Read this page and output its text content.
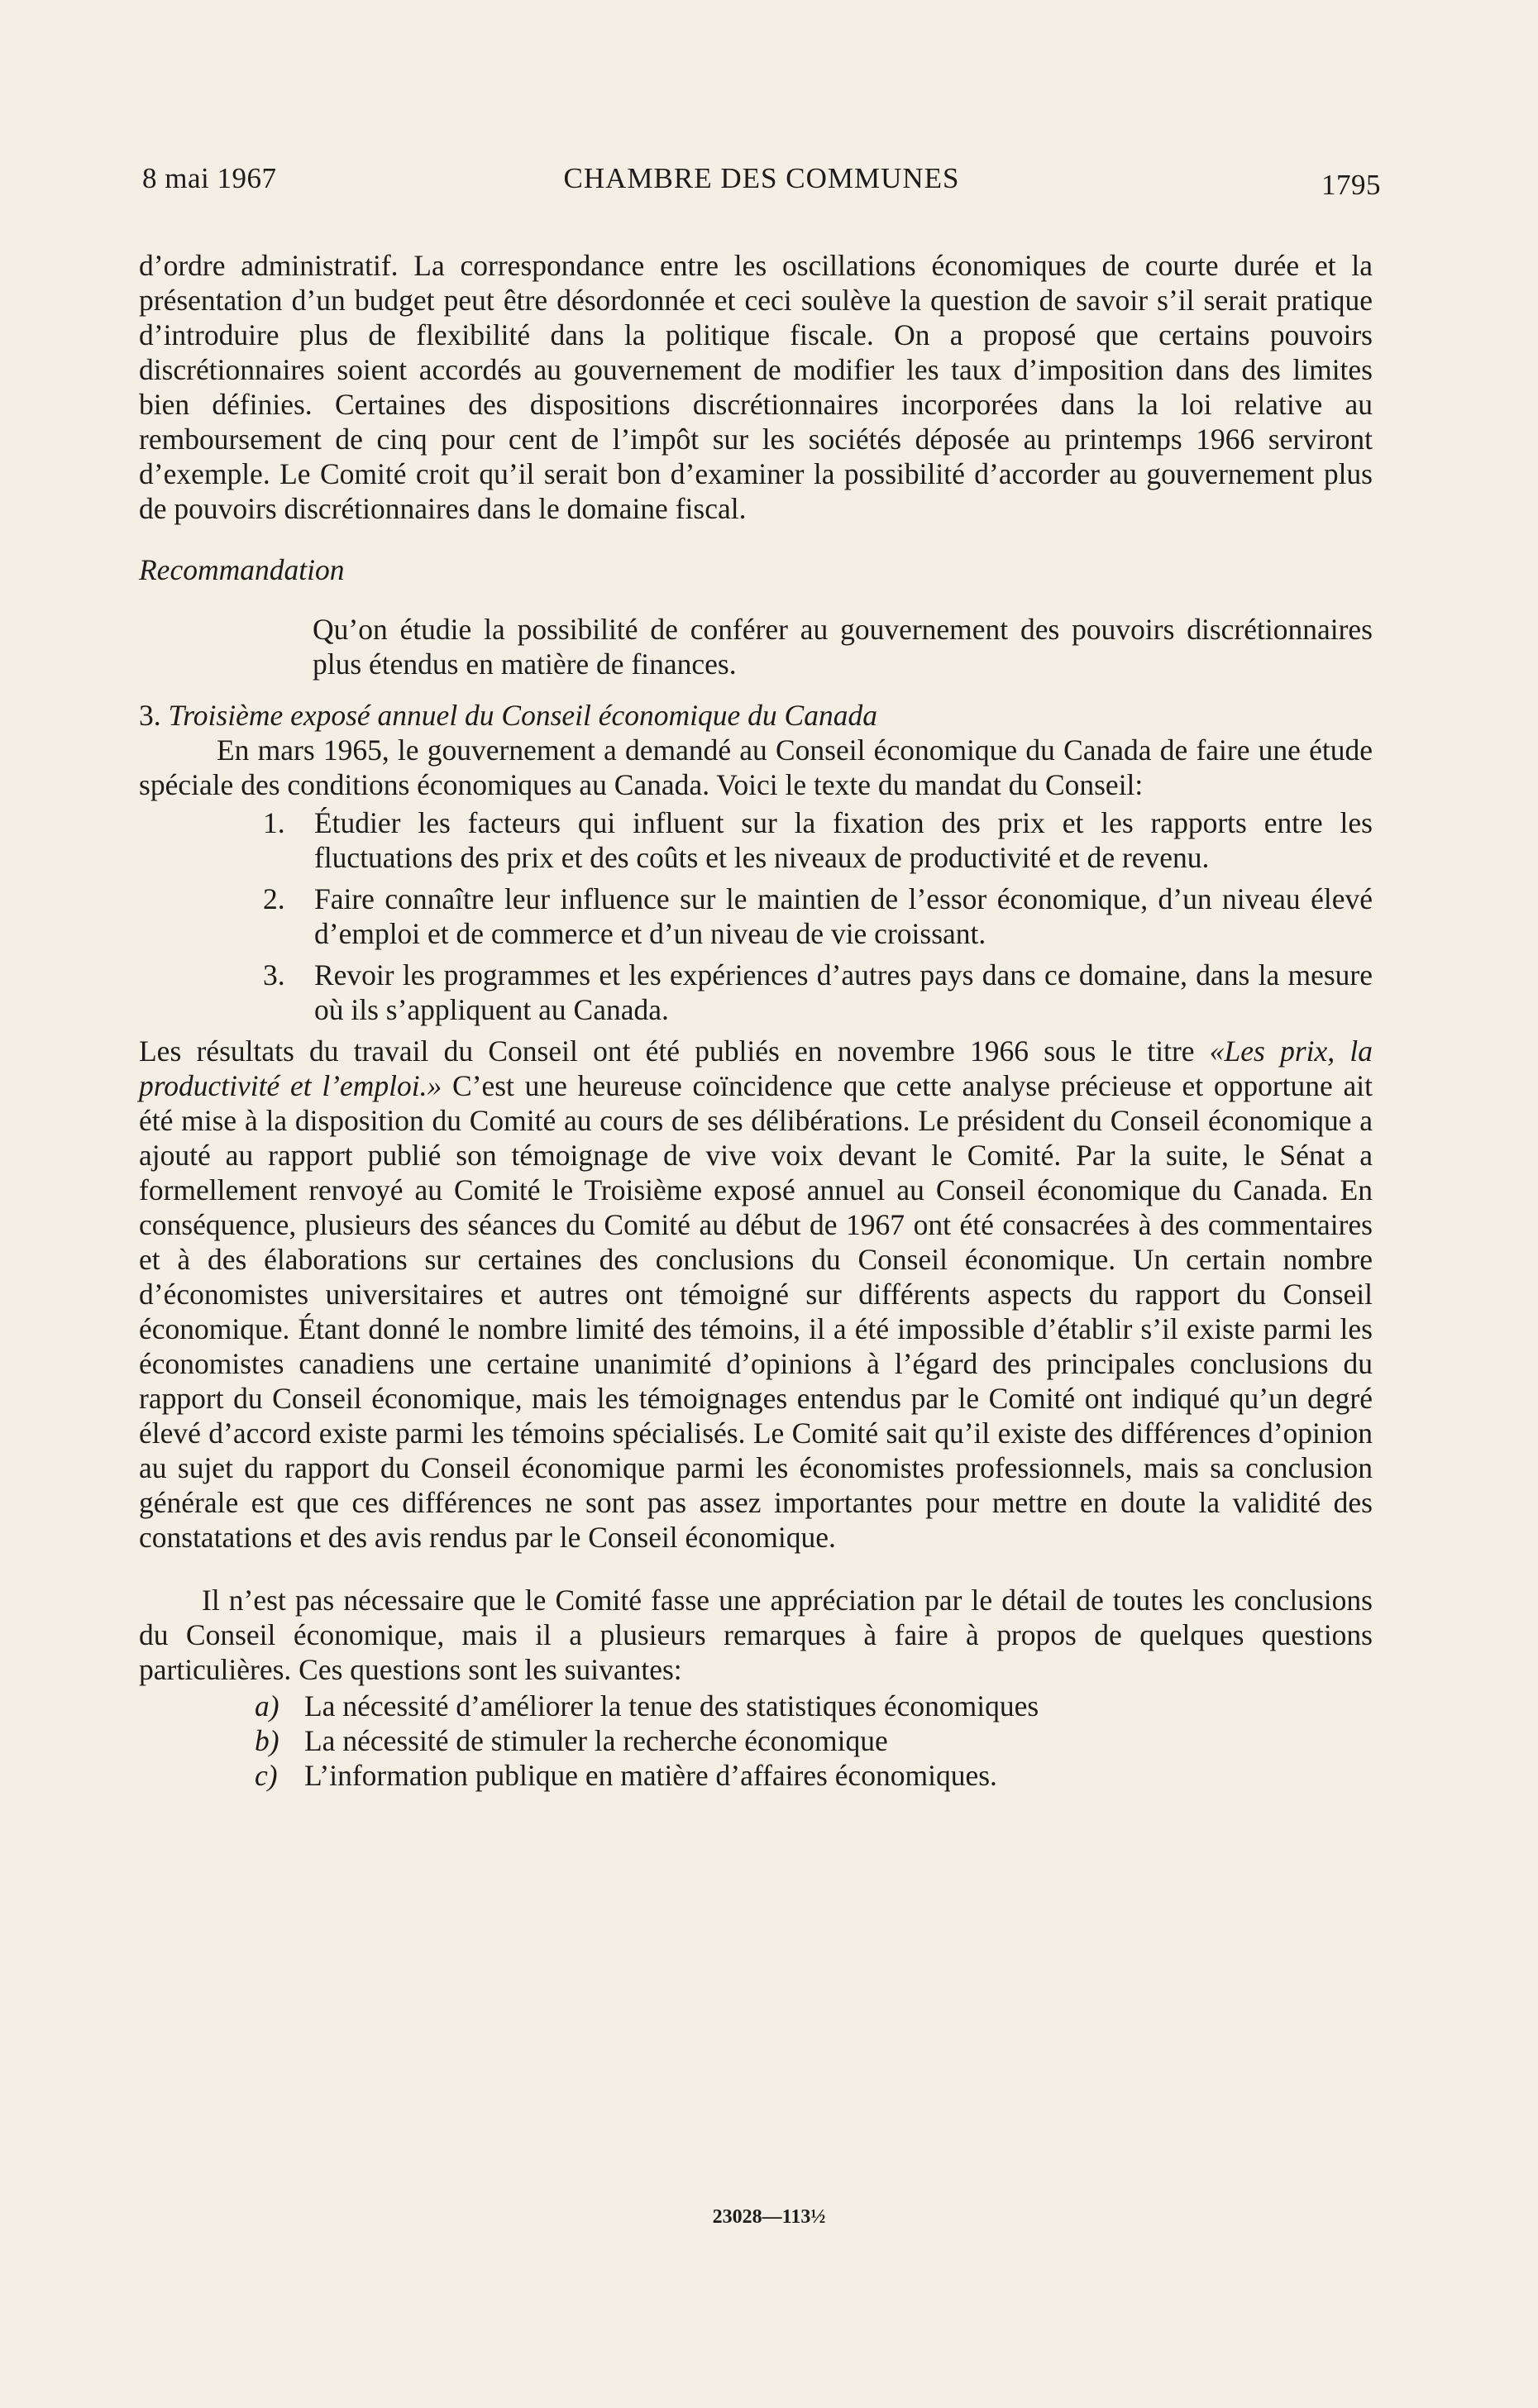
8 mai 1967	CHAMBRE DES COMMUNES	1795

d’ordre administratif. La correspondance entre les oscillations économiques de courte durée et la présentation d’un budget peut être désordonnée et ceci soulève la question de savoir s’il serait pratique d’introduire plus de flexibilité dans la politique fiscale. On a proposé que certains pouvoirs discrétionnaires soient accordés au gouvernement de modifier les taux d’imposition dans des limites bien définies. Certaines des dispositions discrétionnaires incorporées dans la loi relative au remboursement de cinq pour cent de l’impôt sur les sociétés déposée au printemps 1966 serviront d’exemple. Le Comité croit qu’il serait bon d’examiner la possibilité d’accorder au gouvernement plus de pouvoirs discrétionnaires dans le domaine fiscal.

Recommandation

Qu’on étudie la possibilité de conférer au gouvernement des pouvoirs discrétionnaires plus étendus en matière de finances.

3. Troisième exposé annuel du Conseil économique du Canada

En mars 1965, le gouvernement a demandé au Conseil économique du Canada de faire une étude spéciale des conditions économiques au Canada. Voici le texte du mandat du Conseil:

1. Étudier les facteurs qui influent sur la fixation des prix et les rapports entre les fluctuations des prix et des coûts et les niveaux de productivité et de revenu.
2. Faire connaître leur influence sur le maintien de l’essor économique, d’un niveau élevé d’emploi et de commerce et d’un niveau de vie croissant.
3. Revoir les programmes et les expériences d’autres pays dans ce domaine, dans la mesure où ils s’appliquent au Canada.

Les résultats du travail du Conseil ont été publiés en novembre 1966 sous le titre «Les prix, la productivité et l’emploi.» C’est une heureuse coïncidence que cette analyse précieuse et opportune ait été mise à la disposition du Comité au cours de ses délibérations. Le président du Conseil économique a ajouté au rapport publié son témoignage de vive voix devant le Comité. Par la suite, le Sénat a formellement renvoyé au Comité le Troisième exposé annuel au Conseil économique du Canada. En conséquence, plusieurs des séances du Comité au début de 1967 ont été consacrées à des commentaires et à des élaborations sur certaines des conclusions du Conseil économique. Un certain nombre d’économistes universitaires et autres ont témoigné sur différents aspects du rapport du Conseil économique. Étant donné le nombre limité des témoins, il a été impossible d’établir s’il existe parmi les économistes canadiens une certaine unanimité d’opinions à l’égard des principales conclusions du rapport du Conseil économique, mais les témoignages entendus par le Comité ont indiqué qu’un degré élevé d’accord existe parmi les témoins spécialisés. Le Comité sait qu’il existe des différences d’opinion au sujet du rapport du Conseil économique parmi les économistes professionnels, mais sa conclusion générale est que ces différences ne sont pas assez importantes pour mettre en doute la validité des constatations et des avis rendus par le Conseil économique.

Il n’est pas nécessaire que le Comité fasse une appréciation par le détail de toutes les conclusions du Conseil économique, mais il a plusieurs remarques à faire à propos de quelques questions particulières. Ces questions sont les suivantes:

a) La nécessité d’améliorer la tenue des statistiques économiques
b) La nécessité de stimuler la recherche économique
c) L’information publique en matière d’affaires économiques.
23028—113½
